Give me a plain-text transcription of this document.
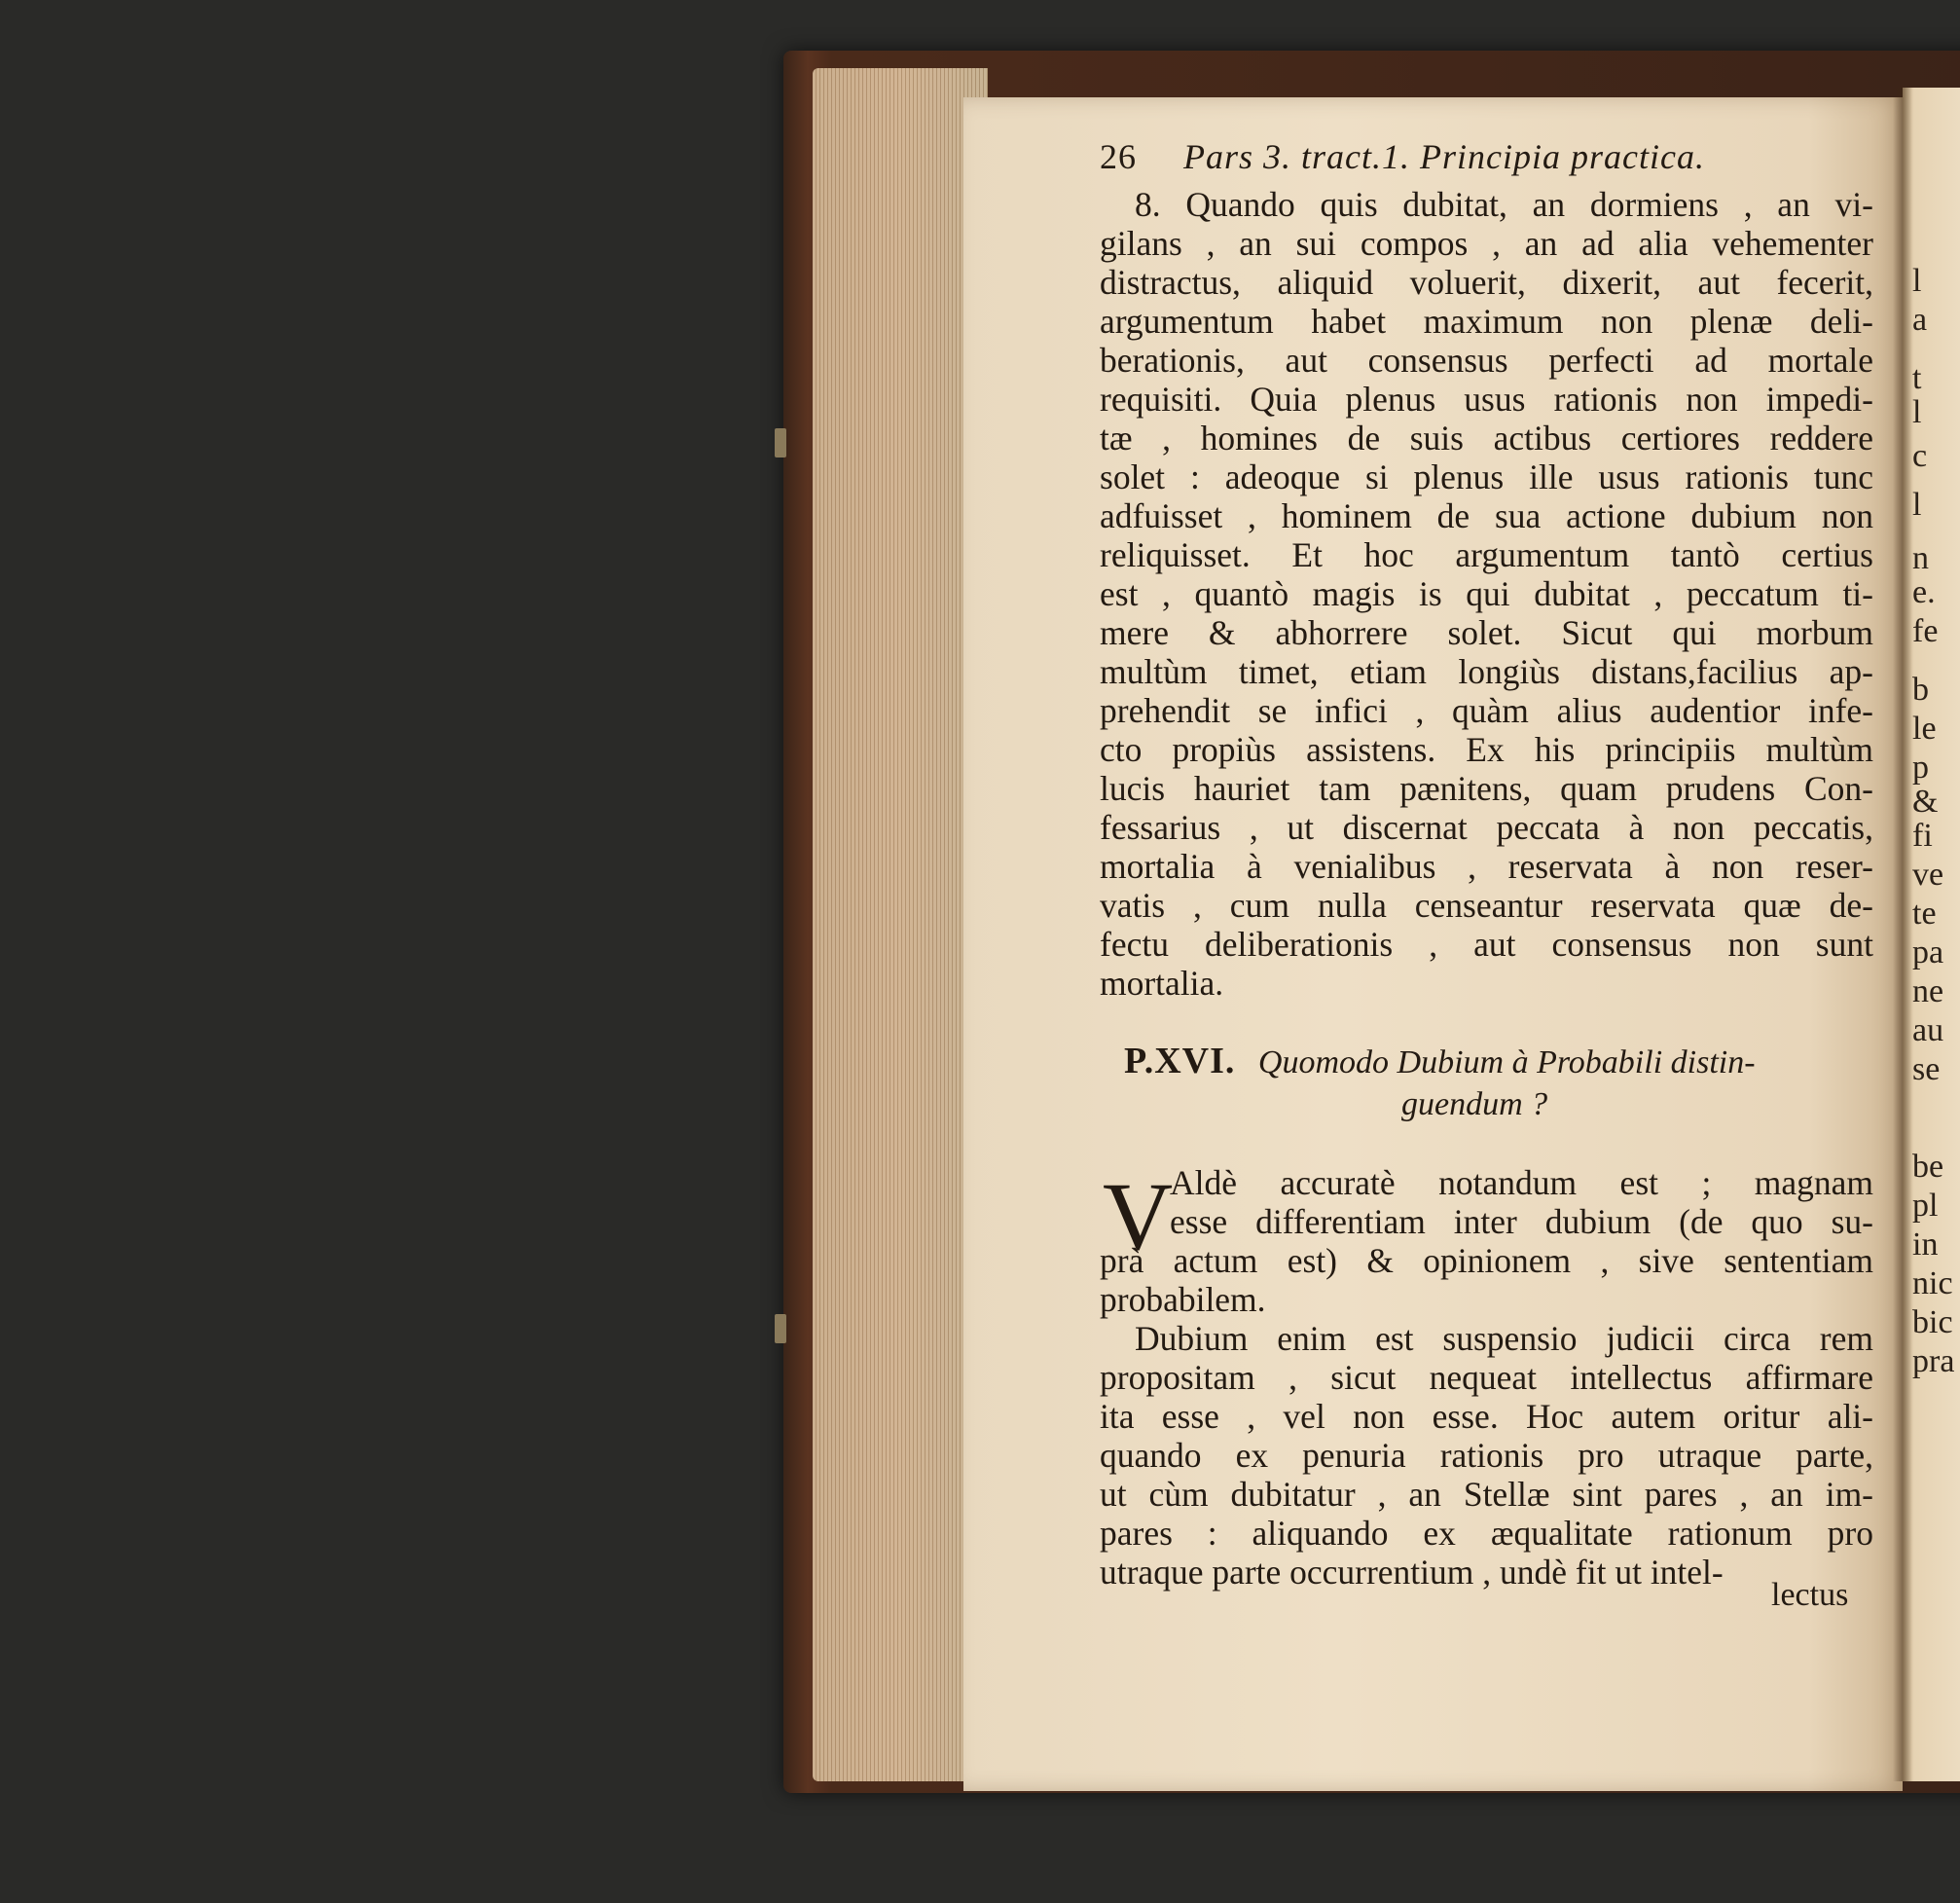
l
a
t
l
c
l
n
e.
fe
b
le
p
&
fi
ve
te
pa
ne
au
se
be
pl
in
nic
bic
pra
26 Pars 3. tract.1. Principia practica.
8. Quando quis dubitat, an dormiens , an vi-
gilans , an sui compos , an ad alia vehementer
distractus, aliquid voluerit, dixerit, aut fecerit,
argumentum habet maximum non plenæ deli-
berationis, aut consensus perfecti ad mortale
requisiti. Quia plenus usus rationis non impedi-
tæ , homines de suis actibus certiores reddere
solet : adeoque si plenus ille usus rationis tunc
adfuisset , hominem de sua actione dubium non
reliquisset. Et hoc argumentum tantò certius
est , quantò magis is qui dubitat , peccatum ti-
mere & abhorrere solet. Sicut qui morbum
multùm timet, etiam longiùs distans,facilius ap-
prehendit se infici , quàm alius audentior infe-
cto propiùs assistens. Ex his principiis multùm
lucis hauriet tam pænitens, quam prudens Con-
fessarius , ut discernat peccata à non peccatis,
mortalia à venialibus , reservata à non reser-
vatis , cum nulla censeantur reservata quæ de-
fectu deliberationis , aut consensus non sunt
mortalia.
P.XVI. Quomodo Dubium à Probabili distin-
guendum ?
V
Aldè accuratè notandum est ; magnam
esse differentiam inter dubium (de quo su-
prà actum est) & opinionem , sive sententiam
probabilem.
Dubium enim est suspensio judicii circa rem
propositam , sicut nequeat intellectus affirmare
ita esse , vel non esse. Hoc autem oritur ali-
quando ex penuria rationis pro utraque parte,
ut cùm dubitatur , an Stellæ sint pares , an im-
pares : aliquando ex æqualitate rationum pro
utraque parte occurrentium , undè fit ut intel-
lectus
